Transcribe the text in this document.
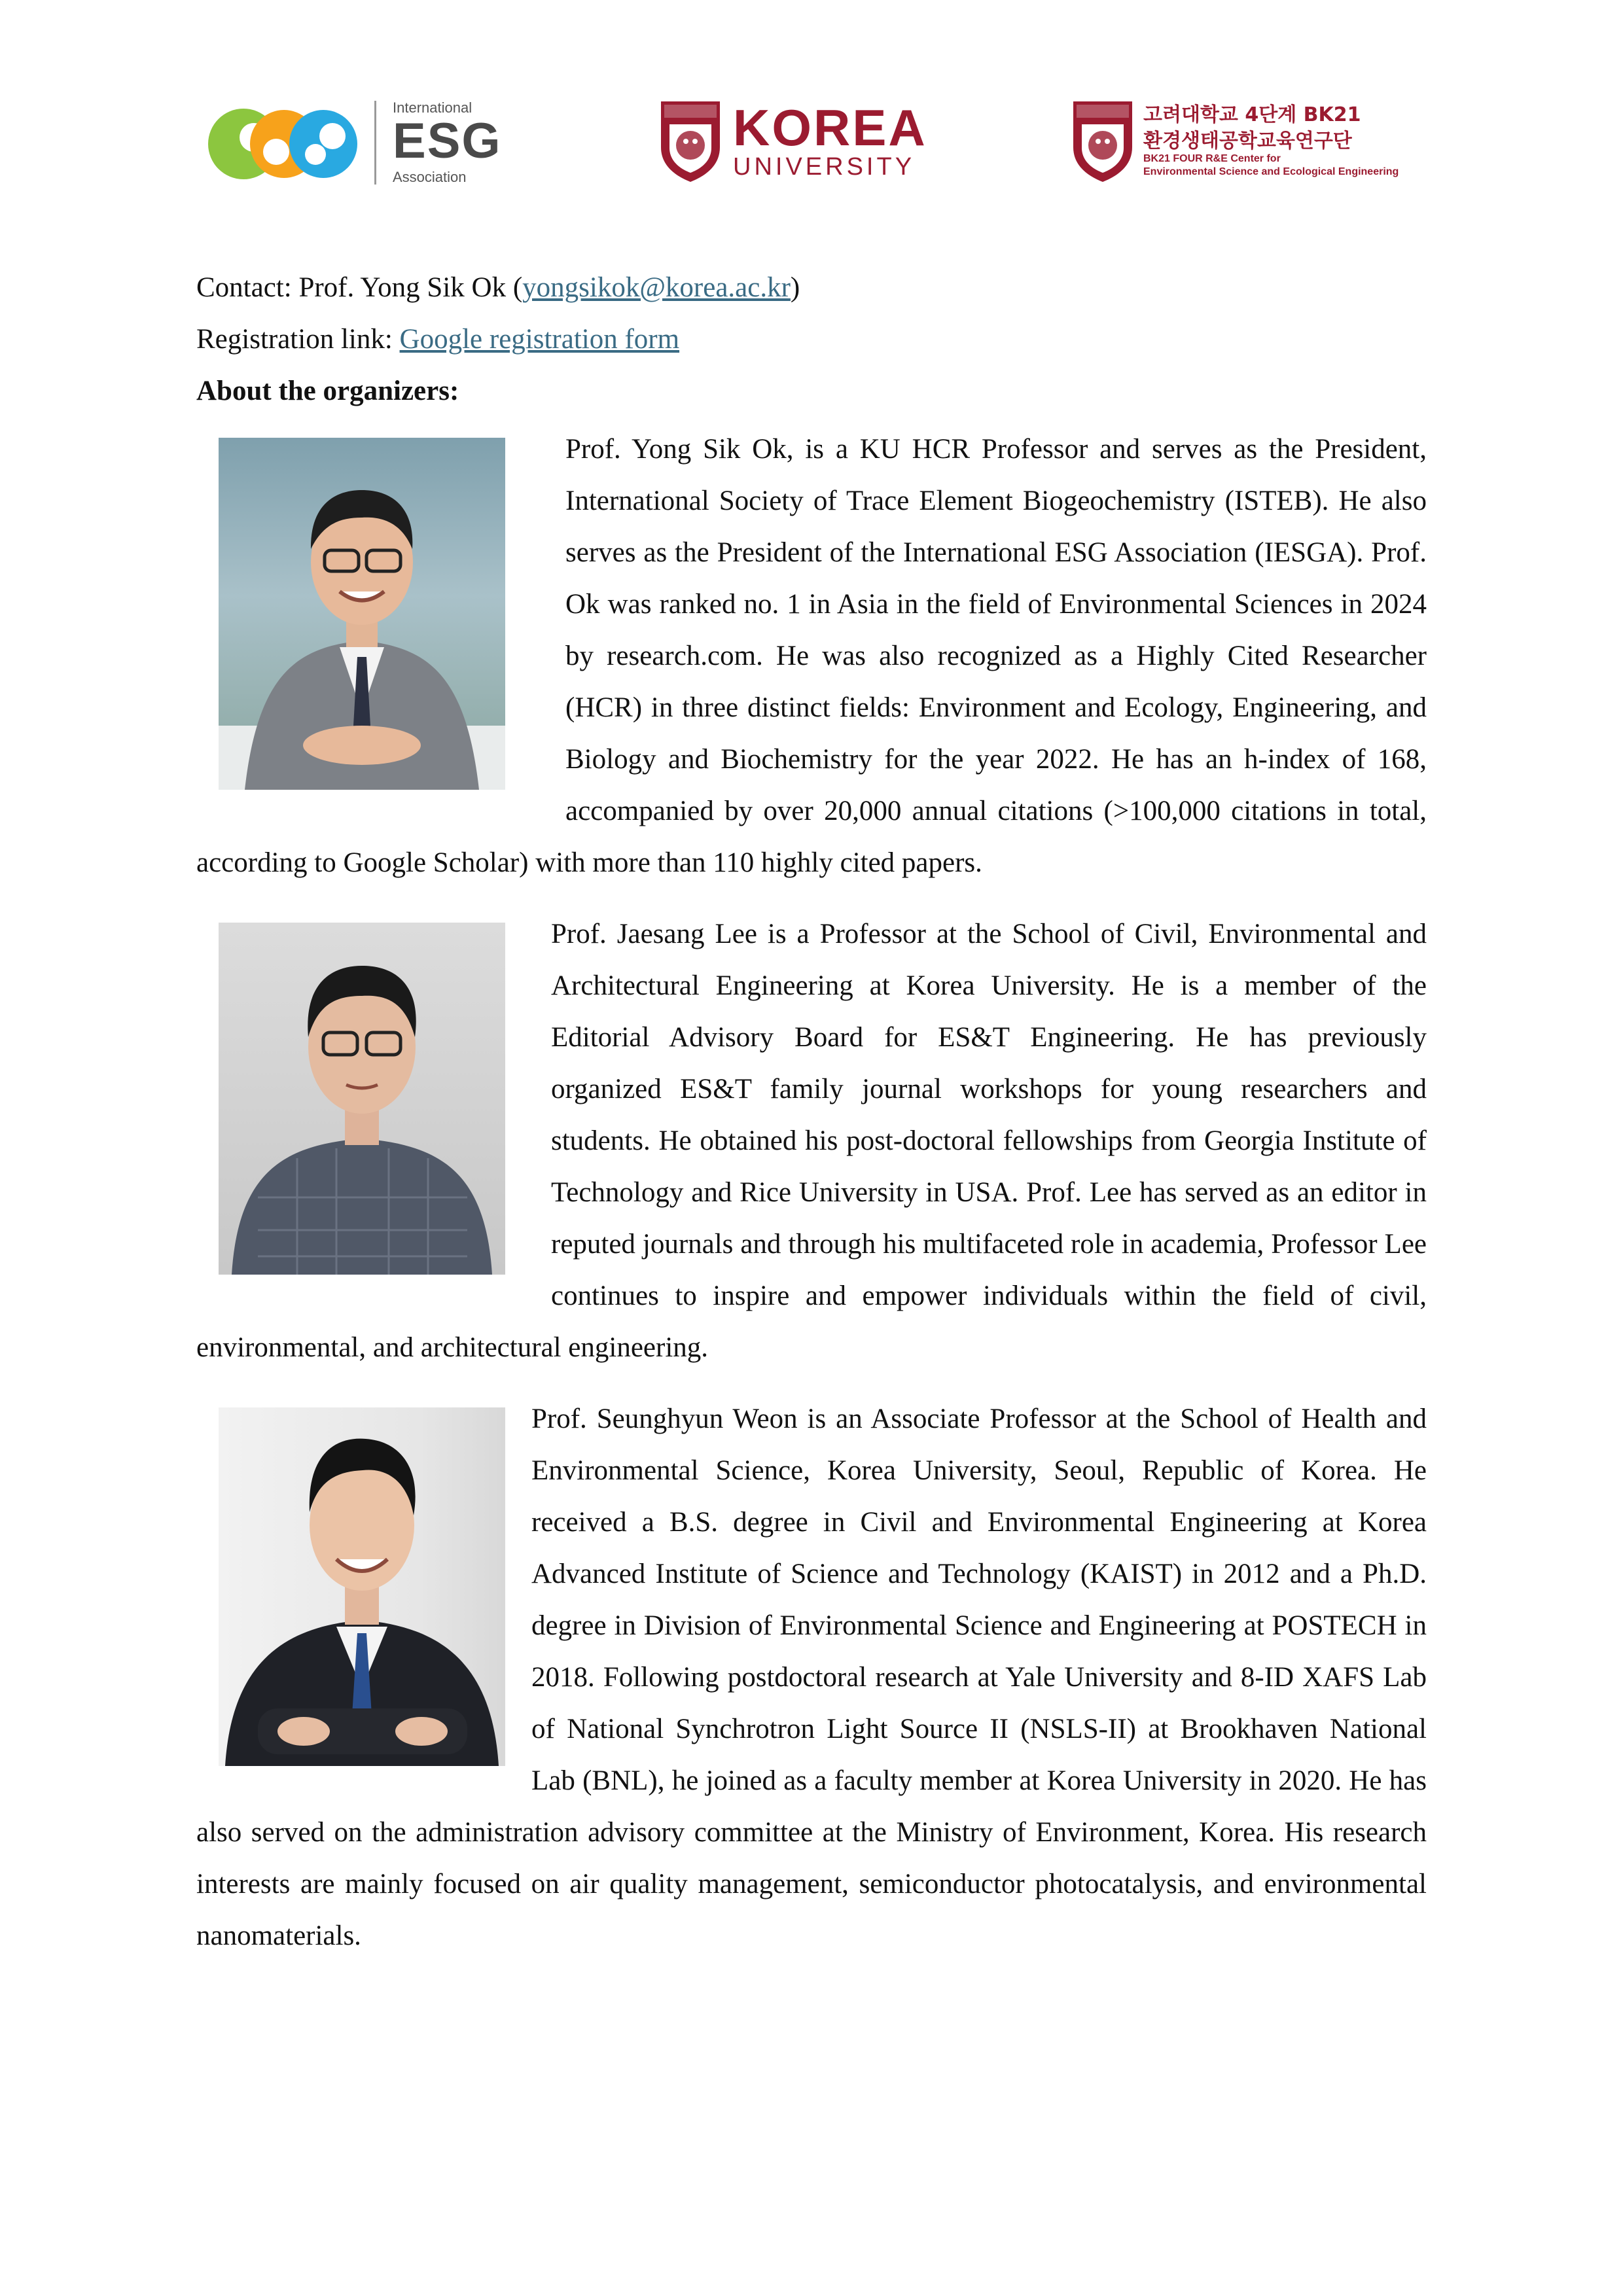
International
ESG
Association
KOREA
UNIVERSITY
고려대학교 4단계 BK21
환경생태공학교육연구단
BK21 FOUR R&E Center for
Environmental Science and Ecological Engineering

Contact: Prof. Yong Sik Ok (yongsikok@korea.ac.kr)

Registration link: Google registration form

About the organizers:

Prof. Yong Sik Ok, is a KU HCR Professor and serves as the President, International Society of Trace Element Biogeochemistry (ISTEB). He also serves as the President of the International ESG Association (IESGA). Prof. Ok was ranked no. 1 in Asia in the field of Environmental Sciences in 2024 by research.com. He was also recognized as a Highly Cited Researcher (HCR) in three distinct fields: Environment and Ecology, Engineering, and Biology and Biochemistry for the year 2022. He has an h-index of 168, accompanied by over 20,000 annual citations (>100,000 citations in total, according to Google Scholar) with more than 110 highly cited papers.
Prof. Jaesang Lee is a Professor at the School of Civil, Environmental and Architectural Engineering at Korea University. He is a member of the Editorial Advisory Board for ES&T Engineering. He has previously organized ES&T family journal workshops for young researchers and students. He obtained his post-doctoral fellowships from Georgia Institute of Technology and Rice University in USA. Prof. Lee has served as an editor in reputed journals and through his multifaceted role in academia, Professor Lee continues to inspire and empower individuals within the field of civil, environmental, and architectural engineering.
Prof. Seunghyun Weon is an Associate Professor at the School of Health and Environmental Science, Korea University, Seoul, Republic of Korea. He received a B.S. degree in Civil and Environmental Engineering at Korea Advanced Institute of Science and Technology (KAIST) in 2012 and a Ph.D. degree in Division of Environmental Science and Engineering at POSTECH in 2018. Following postdoctoral research at Yale University and 8-ID XAFS Lab of National Synchrotron Light Source II (NSLS-II) at Brookhaven National Lab (BNL), he joined as a faculty member at Korea University in 2020. He has also served on the administration advisory committee at the Ministry of Environment, Korea. His research interests are mainly focused on air quality management, semiconductor photocatalysis, and environmental nanomaterials.
